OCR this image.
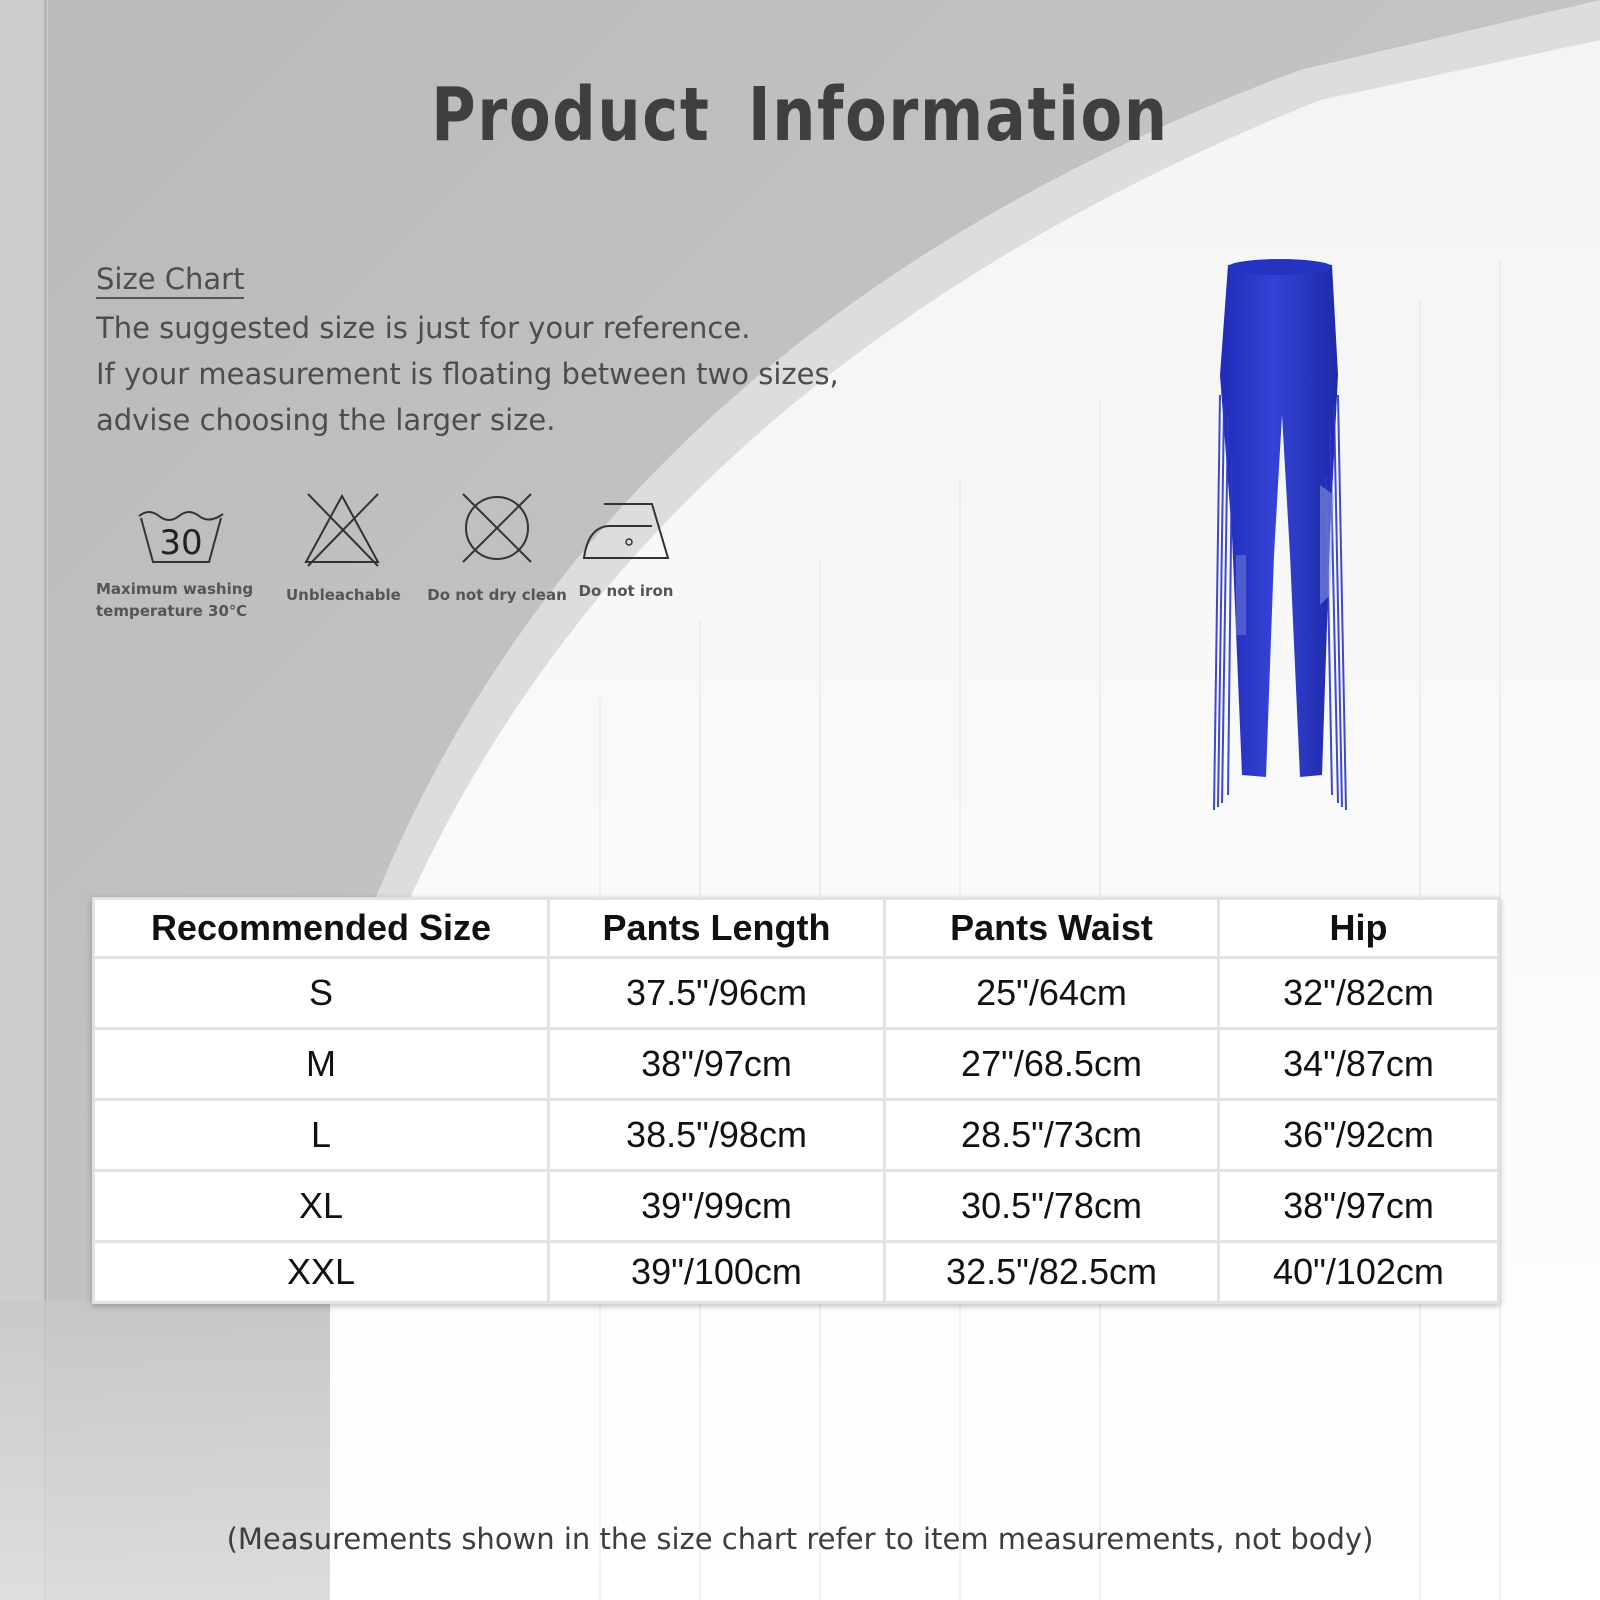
Product Information
Size Chart
The suggested size is just for your reference.
If your measurement is floating between two sizes,
advise choosing the larger size.
30
Maximum washing
temperature 30℃
Unbleachable	Do not dry clean Do not iron
Recommended Size	Pants Length	Pants Waist	Hip
S	37.5"/96cm	25"/64cm	32"/82cm
M	38"/97cm	27"/68.5cm	34"/87cm
L	38.5"/98cm	28.5"/73cm	36"/92cm
XL	39"/99cm	30.5"/78cm	38"/97cm
XXL	39"/100cm	32.5"/82.5cm	40"/102cm
(Measurements shown in the size chart refer to item measurements, not body)
